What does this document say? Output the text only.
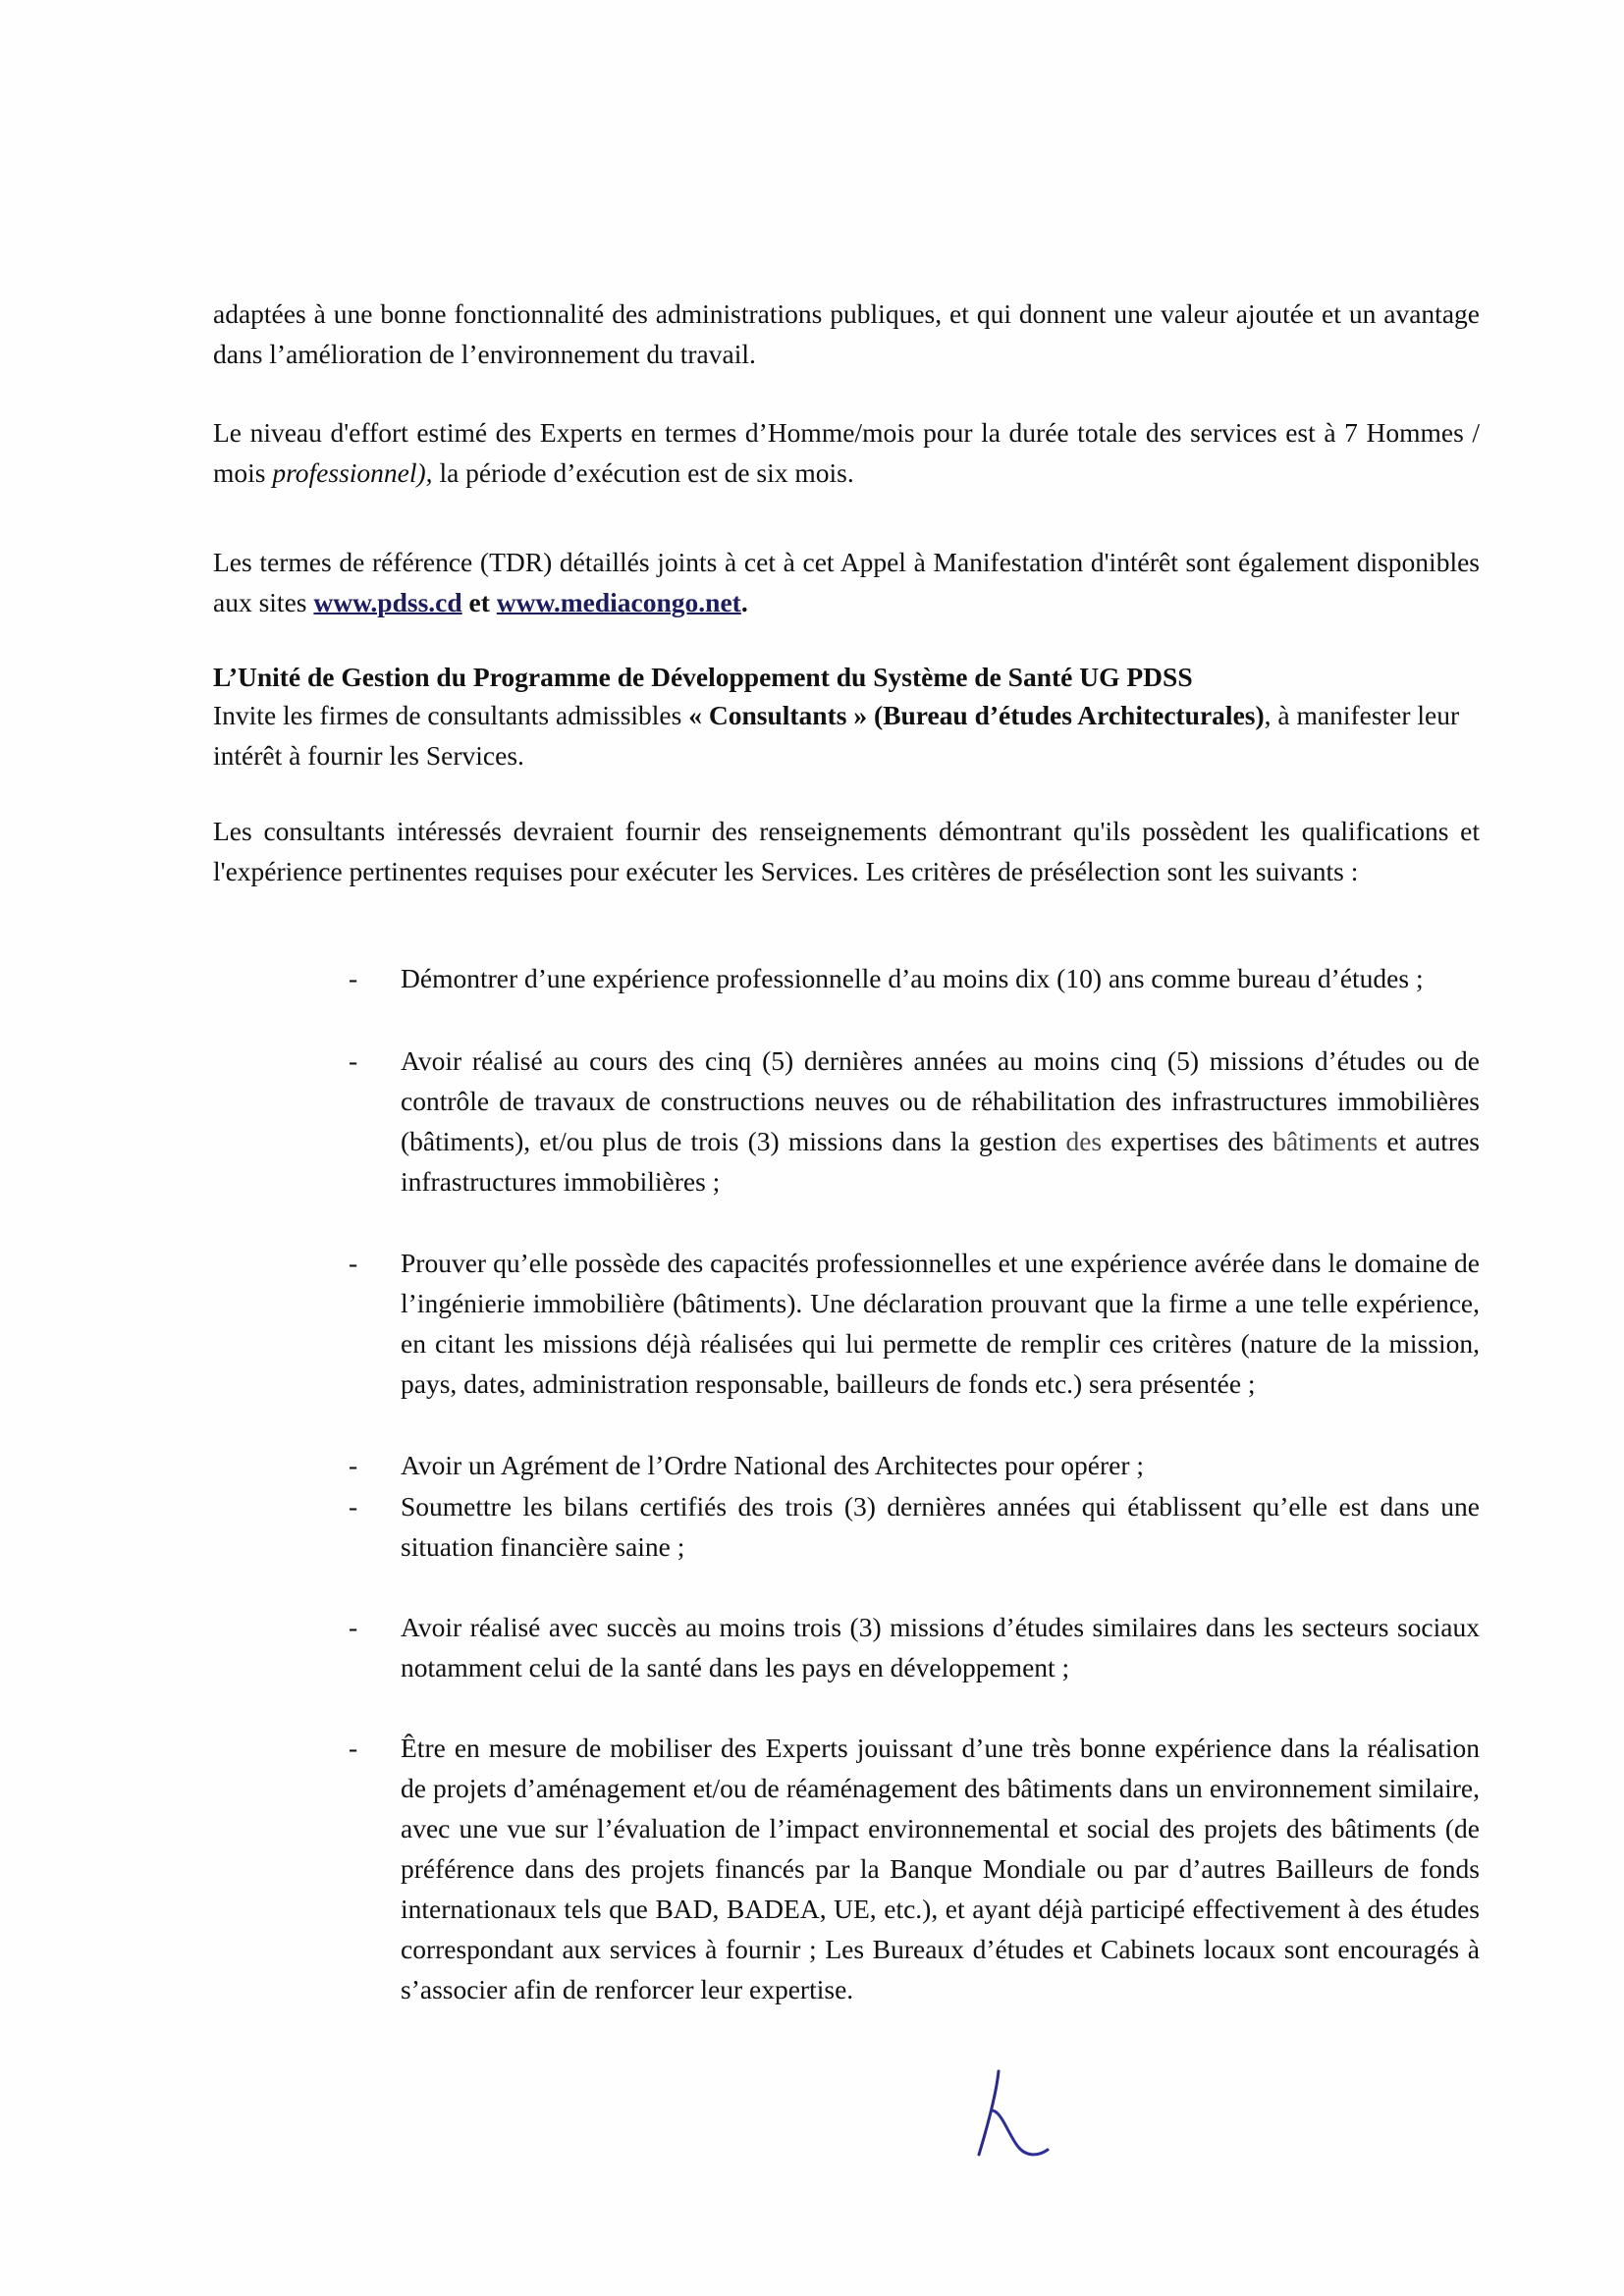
adaptées à une bonne fonctionnalité des administrations publiques, et qui donnent une valeur ajoutée et un avantage dans l’amélioration de l’environnement du travail.

Le niveau d'effort estimé des Experts en termes d’Homme/mois pour la durée totale des services est à 7 Hommes / mois professionnel), la période d’exécution est de six mois.

Les termes de référence (TDR) détaillés joints à cet à cet Appel à Manifestation d'intérêt sont également disponibles aux sites www.pdss.cd et www.mediacongo.net.

L’Unité de Gestion du Programme de Développement du Système de Santé UG PDSS

Invite les firmes de consultants admissibles « Consultants » (Bureau d’études Architecturales), à manifester leur intérêt à fournir les Services.

Les consultants intéressés devraient fournir des renseignements démontrant qu'ils possèdent les qualifications et l'expérience pertinentes requises pour exécuter les Services. Les critères de présélection sont les suivants :

-	Démontrer d’une expérience professionnelle d’au moins dix (10) ans comme bureau d’études ;
-	Avoir réalisé au cours des cinq (5) dernières années au moins cinq (5) missions d’études ou de contrôle de travaux de constructions neuves ou de réhabilitation des infrastructures immobilières (bâtiments), et/ou plus de trois (3) missions dans la gestion des expertises des bâtiments et autres infrastructures immobilières ;
-	Prouver qu’elle possède des capacités professionnelles et une expérience avérée dans le domaine de l’ingénierie immobilière (bâtiments). Une déclaration prouvant que la firme a une telle expérience, en citant les missions déjà réalisées qui lui permette de remplir ces critères (nature de la mission, pays, dates, administration responsable, bailleurs de fonds etc.) sera présentée ;
-	Avoir un Agrément de l’Ordre National des Architectes pour opérer ;
-	Soumettre les bilans certifiés des trois (3) dernières années qui établissent qu’elle est dans une situation financière saine ;
-	Avoir réalisé avec succès au moins trois (3) missions d’études similaires dans les secteurs sociaux notamment celui de la santé dans les pays en développement ;
-	Être en mesure de mobiliser des Experts jouissant d’une très bonne expérience dans la réalisation de projets d’aménagement et/ou de réaménagement des bâtiments dans un environnement similaire, avec une vue sur l’évaluation de l’impact environnemental et social des projets des bâtiments (de préférence dans des projets financés par la Banque Mondiale ou par d’autres Bailleurs de fonds internationaux tels que BAD, BADEA, UE, etc.), et ayant déjà participé effectivement à des études correspondant aux services à fournir ; Les Bureaux d’études et Cabinets locaux sont encouragés à s’associer afin de renforcer leur expertise.
